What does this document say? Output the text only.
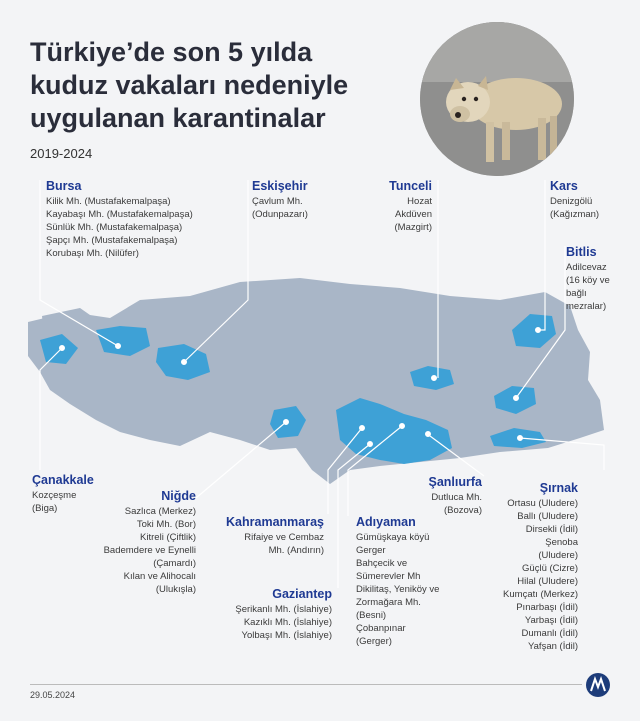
Türkiye’de son 5 yılda
kuduz vakaları nedeniyle
uygulanan karantinalar
2019-2024
Bursa
Kilik Mh. (Mustafakemalpaşa)
Kayabaşı Mh. (Mustafakemalpaşa)
Sünlük Mh. (Mustafakemalpaşa)
Şapçı Mh. (Mustafakemalpaşa)
Korubaşı Mh. (Nilüfer)
Eskişehir
Çavlum Mh.
(Odunpazarı)
Tunceli
Hozat
Akdüven
(Mazgirt)
Kars
Denizgölü
(Kağızman)
Bitlis
Adilcevaz
(16 köy ve
bağlı
mezralar)
Çanakkale
Kozçeşme
(Biga)
Niğde
Sazlıca (Merkez)
Toki Mh. (Bor)
Kitreli (Çiftlik)
Bademdere ve Eynelli
(Çamardı)
Kılan ve Alihocalı
(Ulukışla)
Kahramanmaraş
Rifaiye ve Cembaz
Mh. (Andırın)
Adıyaman
Gümüşkaya köyü
Gerger
Bahçecik ve
Sümerevler Mh
Dikilitaş, Yeniköy ve
Zormağara Mh.
(Besni)
Çobanpınar
(Gerger)
Şanlıurfa
Dutluca Mh.
(Bozova)
Gaziantep
Şerikanlı Mh. (İslahiye)
Kazıklı Mh. (İslahiye)
Yolbaşı Mh. (İslahiye)
Şırnak
Ortasu (Uludere)
Ballı (Uludere)
Dirsekli (İdil)
Şenoba
(Uludere)
Güçlü (Cizre)
Hilal (Uludere)
Kumçatı (Merkez)
Pınarbaşı (İdil)
Yarbaşı (İdil)
Dumanlı (İdil)
Yafşan (İdil)
29.05.2024
